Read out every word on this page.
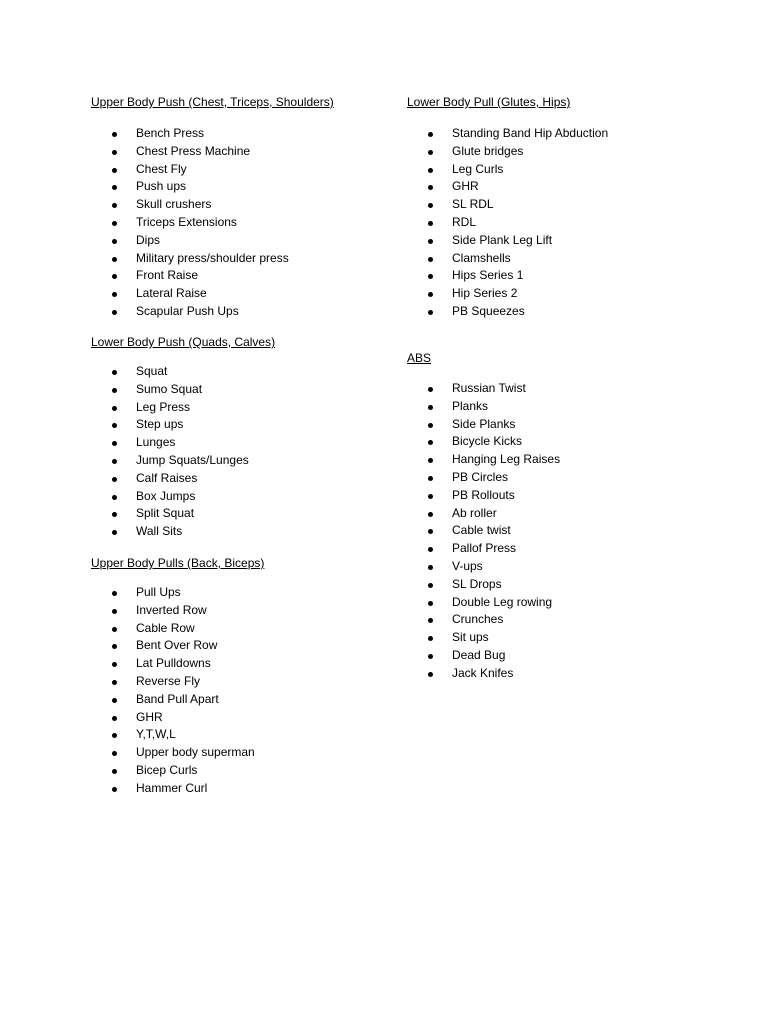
Upper Body Push (Chest, Triceps, Shoulders)
Bench Press
Chest Press Machine
Chest Fly
Push ups
Skull crushers
Triceps Extensions
Dips
Military press/shoulder press
Front Raise
Lateral Raise
Scapular Push Ups
Lower Body Push (Quads, Calves)
Squat
Sumo Squat
Leg Press
Step ups
Lunges
Jump Squats/Lunges
Calf Raises
Box Jumps
Split Squat
Wall Sits
Upper Body Pulls (Back, Biceps)
Pull Ups
Inverted Row
Cable Row
Bent Over Row
Lat Pulldowns
Reverse Fly
Band Pull Apart
GHR
Y,T,W,L
Upper body superman
Bicep Curls
Hammer Curl
Lower Body Pull (Glutes, Hips)
Standing Band Hip Abduction
Glute bridges
Leg Curls
GHR
SL RDL
RDL
Side Plank Leg Lift
Clamshells
Hips Series 1
Hip Series 2
PB Squeezes
ABS
Russian Twist
Planks
Side Planks
Bicycle Kicks
Hanging Leg Raises
PB Circles
PB Rollouts
Ab roller
Cable twist
Pallof Press
V-ups
SL Drops
Double Leg rowing
Crunches
Sit ups
Dead Bug
Jack Knifes
